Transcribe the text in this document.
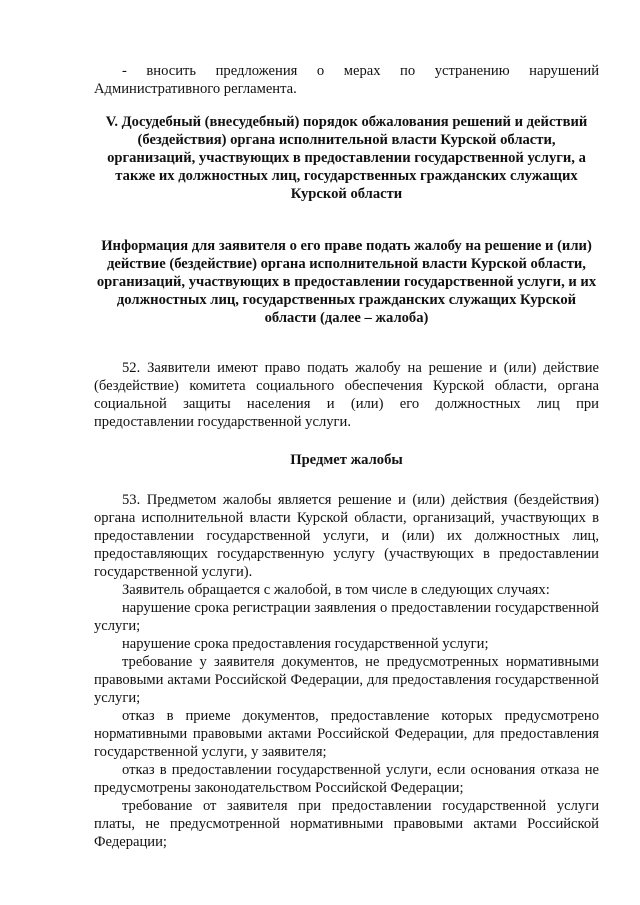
- вносить предложения о мерах по устранению нарушений Административного регламента.

V. Досудебный (внесудебный) порядок обжалования решений и действий (бездействия) органа исполнительной власти Курской области, организаций, участвующих в предоставлении государственной услуги, а также их должностных лиц, государственных гражданских служащих Курской области

Информация для заявителя о его праве подать жалобу на решение и (или) действие (бездействие) органа исполнительной власти Курской области, организаций, участвующих в предоставлении государственной услуги, и их должностных лиц, государственных гражданских служащих Курской области (далее – жалоба)

52. Заявители имеют право подать жалобу на решение и (или) действие (бездействие) комитета социального обеспечения Курской области, органа социальной защиты населения и (или) его должностных лиц при предоставлении государственной услуги.

Предмет жалобы

53. Предметом жалобы является решение и (или) действия (бездействия) органа исполнительной власти Курской области, организаций, участвующих в предоставлении государственной услуги, и (или) их должностных лиц, предоставляющих государственную услугу (участвующих в предоставлении государственной услуги).

Заявитель обращается с жалобой, в том числе в следующих случаях:

нарушение срока регистрации заявления о предоставлении государственной услуги;

нарушение срока предоставления государственной услуги;

требование у заявителя документов, не предусмотренных нормативными правовыми актами Российской Федерации, для предоставления государственной услуги;

отказ в приеме документов, предоставление которых предусмотрено нормативными правовыми актами Российской Федерации, для предоставления государственной услуги, у заявителя;

отказ в предоставлении государственной услуги, если основания отказа не предусмотрены законодательством Российской Федерации;

требование от заявителя при предоставлении государственной услуги платы, не предусмотренной нормативными правовыми актами Российской Федерации;
